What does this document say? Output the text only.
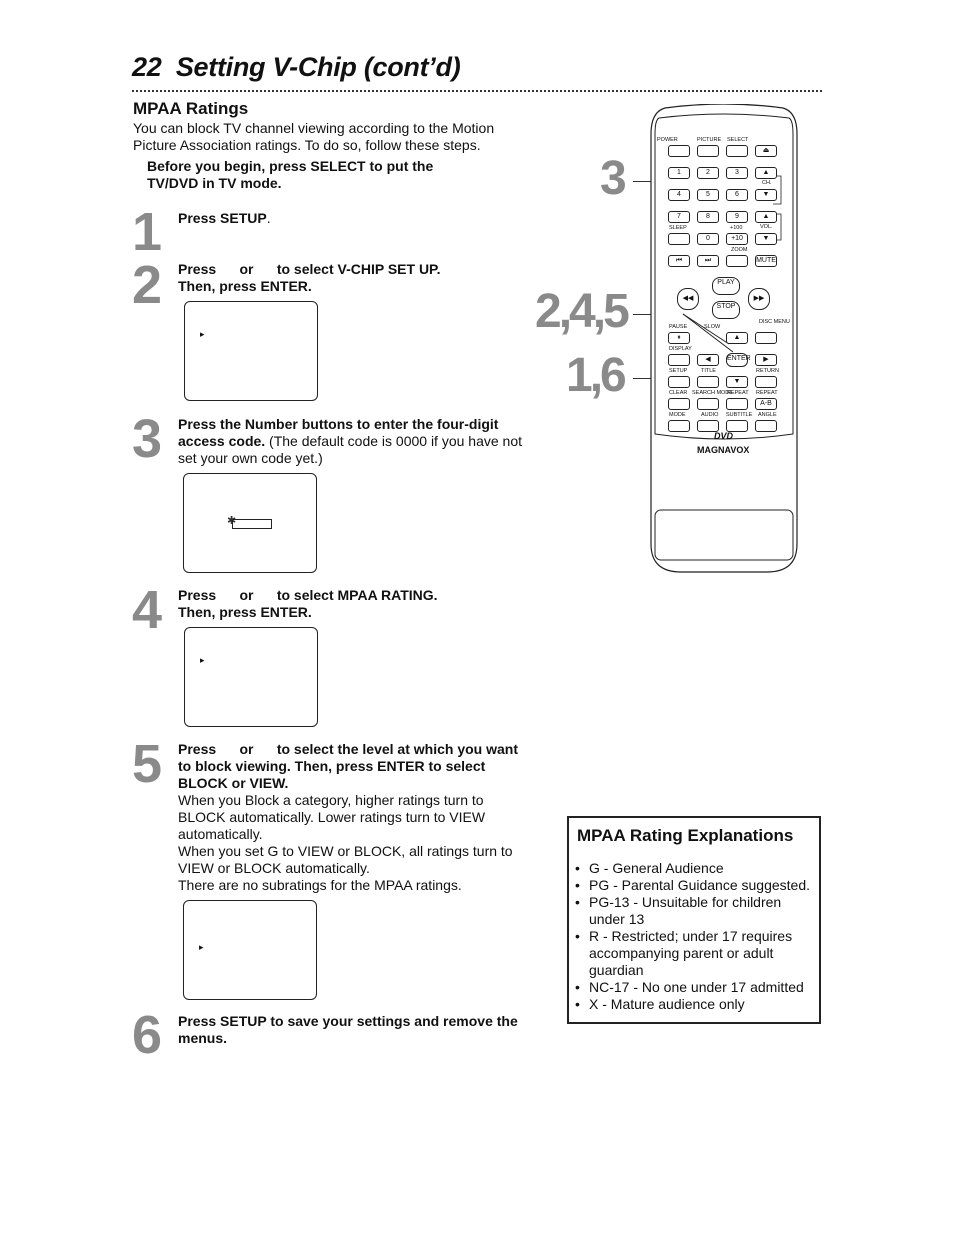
22 Setting V-Chip (cont’d)
MPAA Ratings
You can block TV channel viewing according to the Motion Picture Association ratings. To do so, follow these steps.
Before you begin, press SELECT to put the TV/DVD in TV mode.
1 Press SETUP.
2 Press      or      to select V-CHIP SET UP.
Then, press ENTER.
▸
3 Press the Number buttons to enter the four-digit access code. (The default code is 0000 if you have not set your own code yet.)
✱
4 Press      or      to select MPAA RATING.
Then, press ENTER.
▸
5 Press      or      to select the level at which you want to block viewing. Then, press ENTER to select BLOCK or VIEW.
When you Block a category, higher ratings turn to BLOCK automatically. Lower ratings turn to VIEW automatically.
When you set G to VIEW or BLOCK, all ratings turn to VIEW or BLOCK automatically.
There are no subratings for the MPAA ratings.
▸
6 Press SETUP to save your settings and remove the menus.
MPAA Rating Explanations
• G - General Audience
• PG - Parental Guidance suggested.
• PG-13 - Unsuitable for children under 13
• R - Restricted; under 17 requires accompanying parent or adult guardian
• NC-17 - No one under 17 admitted
• X - Mature audience only
3
2,4,5
1,6
POWER	PICTURE SELECT
⏏
1	2	3	▲
CH.
4	5	6	▼
7	8	9	▲
SLEEP	+100	VOL.
0	+10	▼
ZOOM
⏮	⏭	MUTE
PLAY
◀◀	▶▶
STOP
DISC MENU
PAUSE	SLOW
⏸	▲
DISPLAY
◀	ENTER	▶
SETUP TITLE	RETURN
▼
CLEAR SEARCH MODE
REPEAT REPEAT
A-B
MODE	AUDIO SUBTITLE ANGLE
DVD
MAGNAVOX
